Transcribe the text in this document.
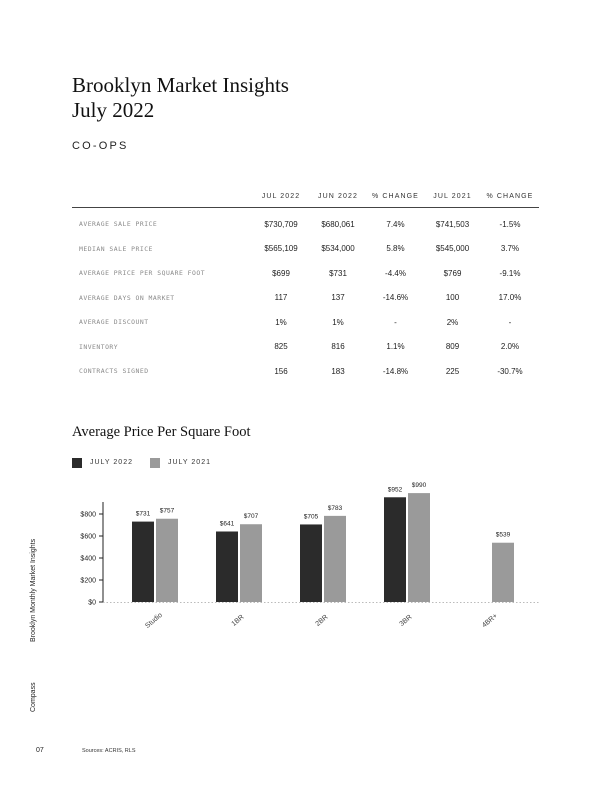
Brooklyn Market Insights
July 2022
CO-OPS
	JUL 2022	JUN 2022	% CHANGE	JUL 2021	% CHANGE
AVERAGE SALE PRICE	$730,709	$680,061	7.4%	$741,503	-1.5%
MEDIAN SALE PRICE	$565,109	$534,000	5.8%	$545,000	3.7%
AVERAGE PRICE PER SQUARE FOOT	$699	$731	-4.4%	$769	-9.1%
AVERAGE DAYS ON MARKET	117	137	-14.6%	100	17.0%
AVERAGE DISCOUNT	1%	1%	-	2%	-
INVENTORY	825	816	1.1%	809	2.0%
CONTRACTS SIGNED	156	183	-14.8%	225	-30.7%
Average Price Per Square Foot
JULY 2022	JULY 2021
$0
$200
$400
$600
$800	$731 $757
Studio
$641
$707
1BR
$705
$783
2BR
$952
$990
3BR
$539
4BR+
Compass
Brooklyn Monthly Market Insights
07	Sources: ACRIS, RLS
